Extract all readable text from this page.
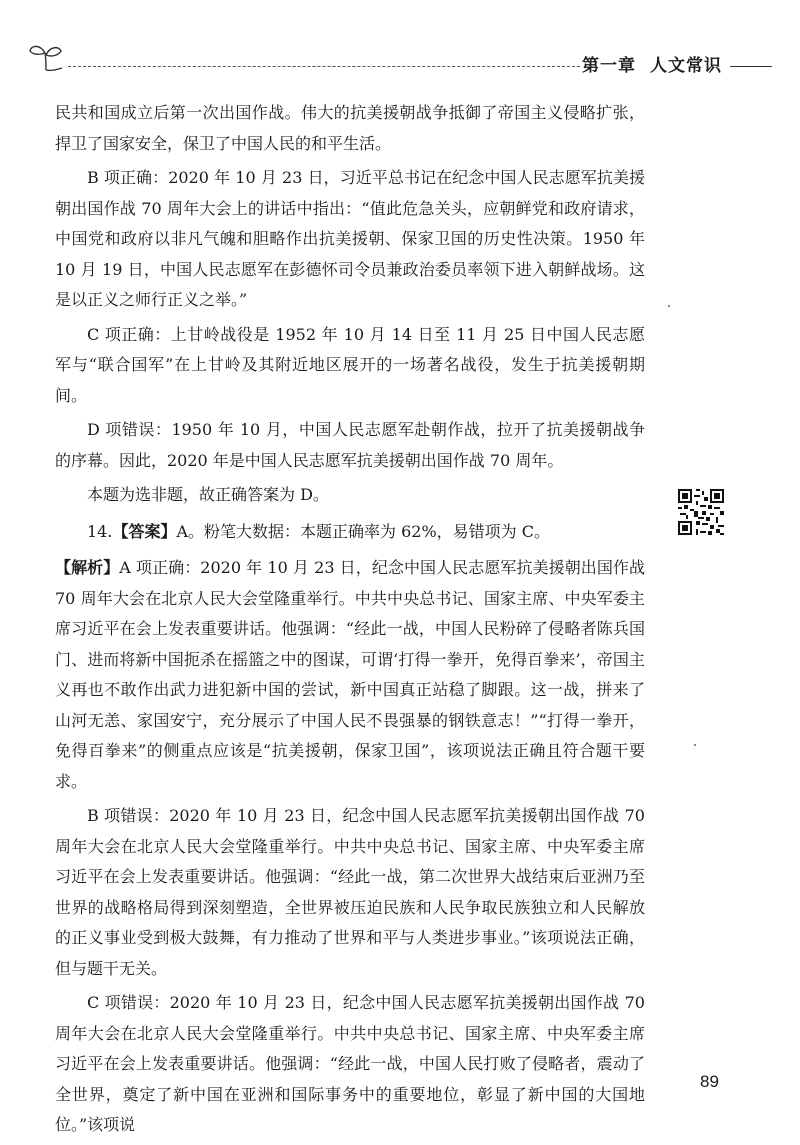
第一章 人文常识

民共和国成立后第一次出国作战。伟大的抗美援朝战争抵御了帝国主义侵略扩张，捍卫了国家安全，保卫了中国人民的和平生活。

B 项正确：2020 年 10 月 23 日，习近平总书记在纪念中国人民志愿军抗美援朝出国作战 70 周年大会上的讲话中指出：“值此危急关头，应朝鲜党和政府请求，中国党和政府以非凡气魄和胆略作出抗美援朝、保家卫国的历史性决策。1950 年 10 月 19 日，中国人民志愿军在彭德怀司令员兼政治委员率领下进入朝鲜战场。这是以正义之师行正义之举。”

C 项正确：上甘岭战役是 1952 年 10 月 14 日至 11 月 25 日中国人民志愿军与“联合国军”在上甘岭及其附近地区展开的一场著名战役，发生于抗美援朝期间。

D 项错误：1950 年 10 月，中国人民志愿军赴朝作战，拉开了抗美援朝战争的序幕。因此，2020 年是中国人民志愿军抗美援朝出国作战 70 周年。

本题为选非题，故正确答案为 D。

14.【答案】A。粉笔大数据：本题正确率为 62%，易错项为 C。

【解析】A 项正确：2020 年 10 月 23 日，纪念中国人民志愿军抗美援朝出国作战 70 周年大会在北京人民大会堂隆重举行。中共中央总书记、国家主席、中央军委主席习近平在会上发表重要讲话。他强调：“经此一战，中国人民粉碎了侵略者陈兵国门、进而将新中国扼杀在摇篮之中的图谋，可谓‘打得一拳开，免得百拳来’，帝国主义再也不敢作出武力进犯新中国的尝试，新中国真正站稳了脚跟。这一战，拼来了山河无恙、家国安宁，充分展示了中国人民不畏强暴的钢铁意志！”“打得一拳开，免得百拳来”的侧重点应该是“抗美援朝，保家卫国”，该项说法正确且符合题干要求。

B 项错误：2020 年 10 月 23 日，纪念中国人民志愿军抗美援朝出国作战 70 周年大会在北京人民大会堂隆重举行。中共中央总书记、国家主席、中央军委主席习近平在会上发表重要讲话。他强调：“经此一战，第二次世界大战结束后亚洲乃至世界的战略格局得到深刻塑造，全世界被压迫民族和人民争取民族独立和人民解放的正义事业受到极大鼓舞，有力推动了世界和平与人类进步事业。”该项说法正确，但与题干无关。

C 项错误：2020 年 10 月 23 日，纪念中国人民志愿军抗美援朝出国作战 70 周年大会在北京人民大会堂隆重举行。中共中央总书记、国家主席、中央军委主席习近平在会上发表重要讲话。他强调：“经此一战，中国人民打败了侵略者，震动了全世界，奠定了新中国在亚洲和国际事务中的重要地位，彰显了新中国的大国地位。”该项说

89
